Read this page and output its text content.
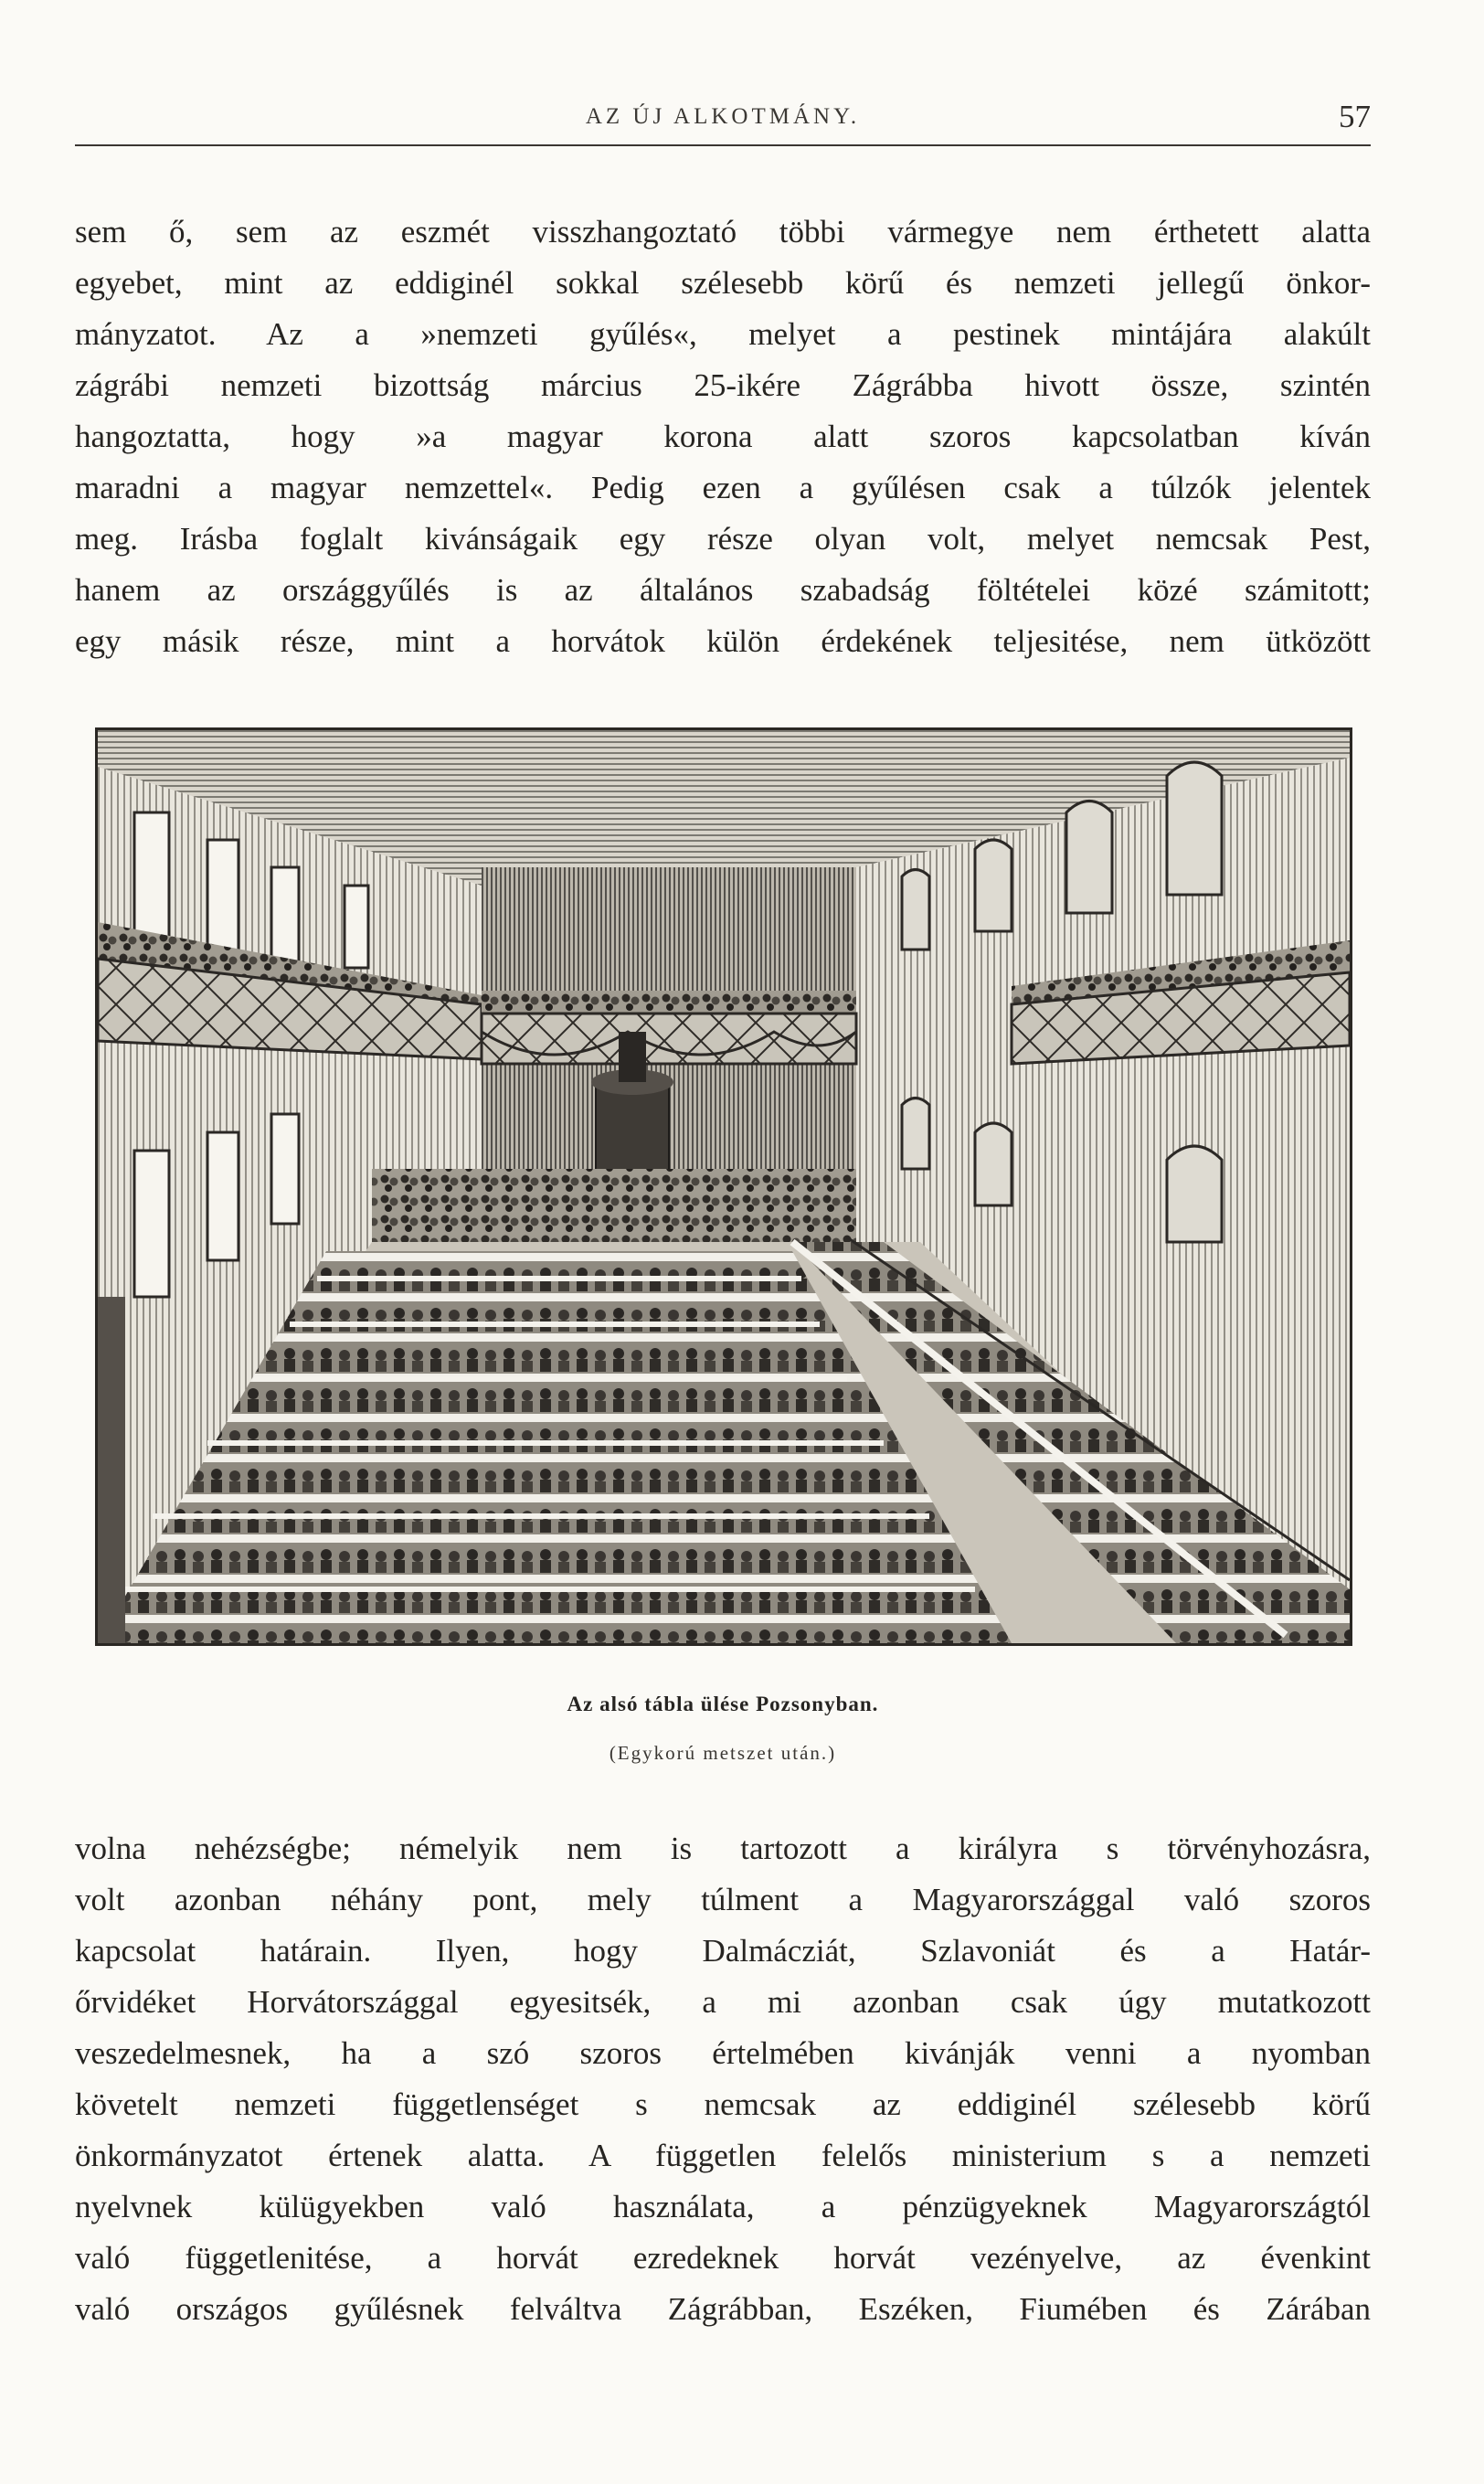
AZ ÚJ ALKOTMÁNY.	57
sem ő, sem az eszmét visszhangoztató többi vármegye nem érthetett alatta
egyebet, mint az eddiginél sokkal szélesebb körű és nemzeti jellegű önkor-
mányzatot. Az a »nemzeti gyűlés«, melyet a pestinek mintájára alakúlt
zágrábi nemzeti bizottság március 25-ikére Zágrábba hivott össze, szintén
hangoztatta, hogy »a magyar korona alatt szoros kapcsolatban kíván
maradni a magyar nemzettel«. Pedig ezen a gyűlésen csak a túlzók jelentek
meg. Irásba foglalt kivánságaik egy része olyan volt, melyet nemcsak Pest,
hanem az országgyűlés is az általános szabadság föltételei közé számitott;
egy másik része, mint a horvátok külön érdekének teljesitése, nem ütközött
Az alsó tábla ülése Pozsonyban.
(Egykorú metszet után.)
volna nehézségbe; némelyik nem is tartozott a királyra s törvényhozásra,
volt azonban néhány pont, mely túlment a Magyarországgal való szoros
kapcsolat határain. Ilyen, hogy Dalmácziát, Szlavoniát és a Határ-
őrvidéket Horvátországgal egyesitsék, a mi azonban csak úgy mutatkozott
veszedelmesnek, ha a szó szoros értelmében kivánják venni a nyomban
követelt nemzeti függetlenséget s nemcsak az eddiginél szélesebb körű
önkormányzatot értenek alatta. A független felelős ministerium s a nemzeti
nyelvnek külügyekben való használata, a pénzügyeknek Magyarországtól
való függetlenitése, a horvát ezredeknek horvát vezényelve, az évenkint
való országos gyűlésnek felváltva Zágrábban, Eszéken, Fiumében és Zárában
